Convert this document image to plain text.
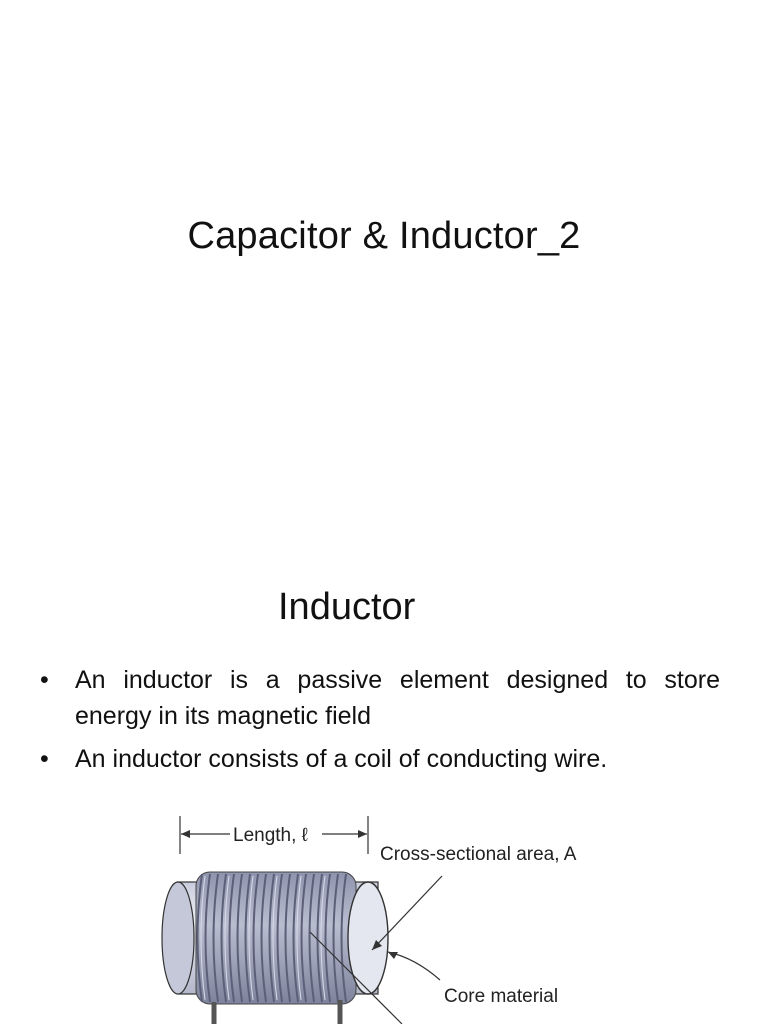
Capacitor & Inductor_2
Inductor
• An inductor is a passive element designed to store
energy in its magnetic field
• An inductor consists of a coil of conducting wire.
Length, ℓ
Cross-sectional area, A
Core material
